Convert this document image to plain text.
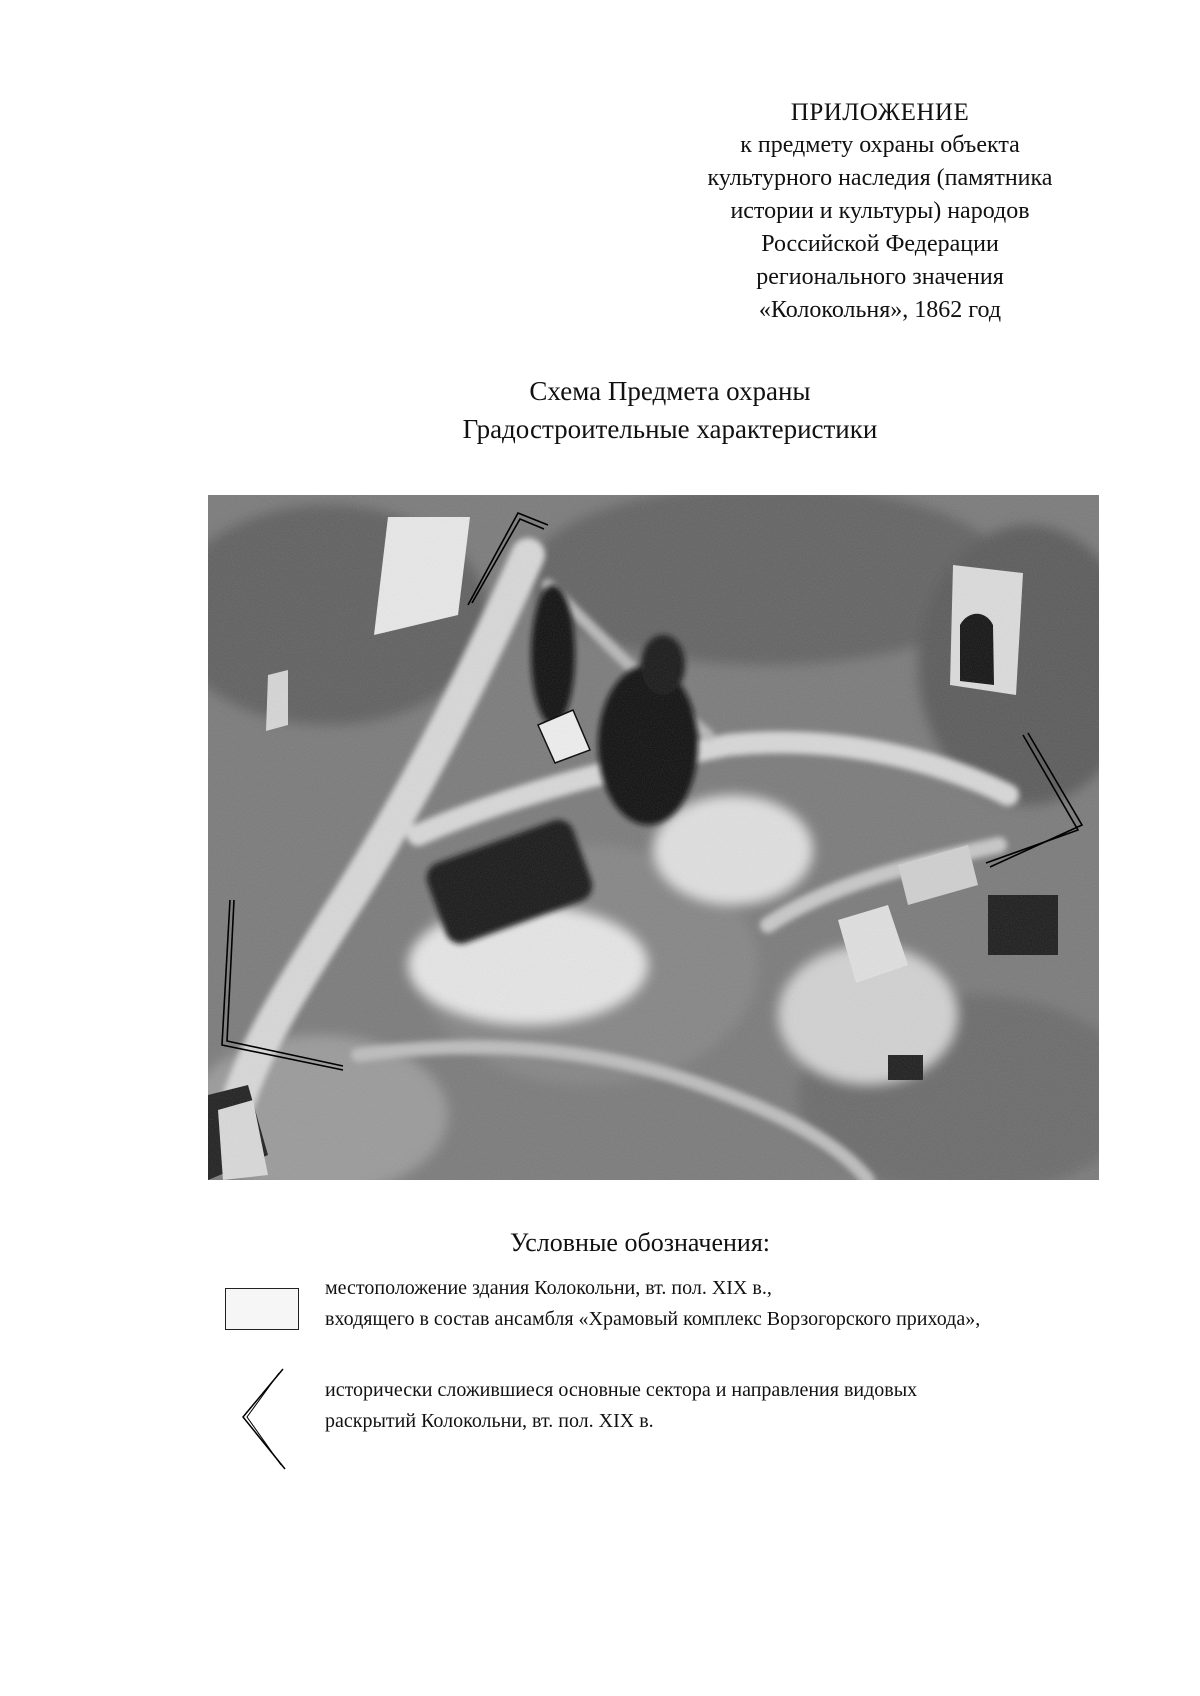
ПРИЛОЖЕНИЕ
к предмету охраны объекта
культурного наследия (памятника
истории и культуры) народов
Российской Федерации
регионального значения
«Колокольня», 1862 год
Схема Предмета охраны
Градостроительные характеристики
Условные обозначения:
местоположение здания Колокольни, вт. пол. XIX в.,
входящего в состав ансамбля «Храмовый комплекс Ворзогорского прихода»,
исторически сложившиеся основные сектора и направления видовых
раскрытий Колокольни, вт. пол. XIX в.
